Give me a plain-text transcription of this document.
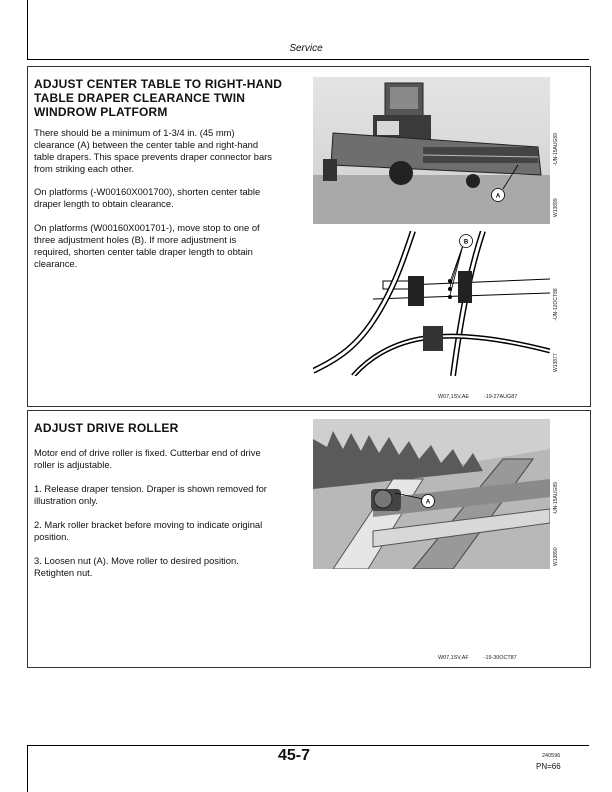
Service
ADJUST CENTER TABLE TO RIGHT-HAND
TABLE DRAPER CLEARANCE TWIN
WINDROW PLATFORM
There should be a minimum of 1-3/4 in. (45 mm)
clearance (A) between the center table and right-hand
table drapers. This space prevents draper connector bars
from striking each other.
On platforms (-W00160X001700), shorten center table
draper length to obtain clearance.
On platforms (W00160X001701-), move stop to one of
three adjustment holes (B). If more adjustment is
required, shorten center table draper length to obtain
clearance.
A
W13899  -UN-15AUG89
B
W13877  -UN-12OCT88
W07,1SV,AE	-19-27AUG87
ADJUST DRIVE ROLLER
Motor end of drive roller is fixed. Cutterbar end of drive
roller is adjustable.
1. Release draper tension. Draper is shown removed for
illustration only.
2. Mark roller bracket before moving to indicate original
position.
3. Loosen nut (A). Move roller to desired position.
Retighten nut.
A
W13890  -UN-15AUG89
W07,1SV,AF	-19-30OCT87
45-7	240596
PN=66
